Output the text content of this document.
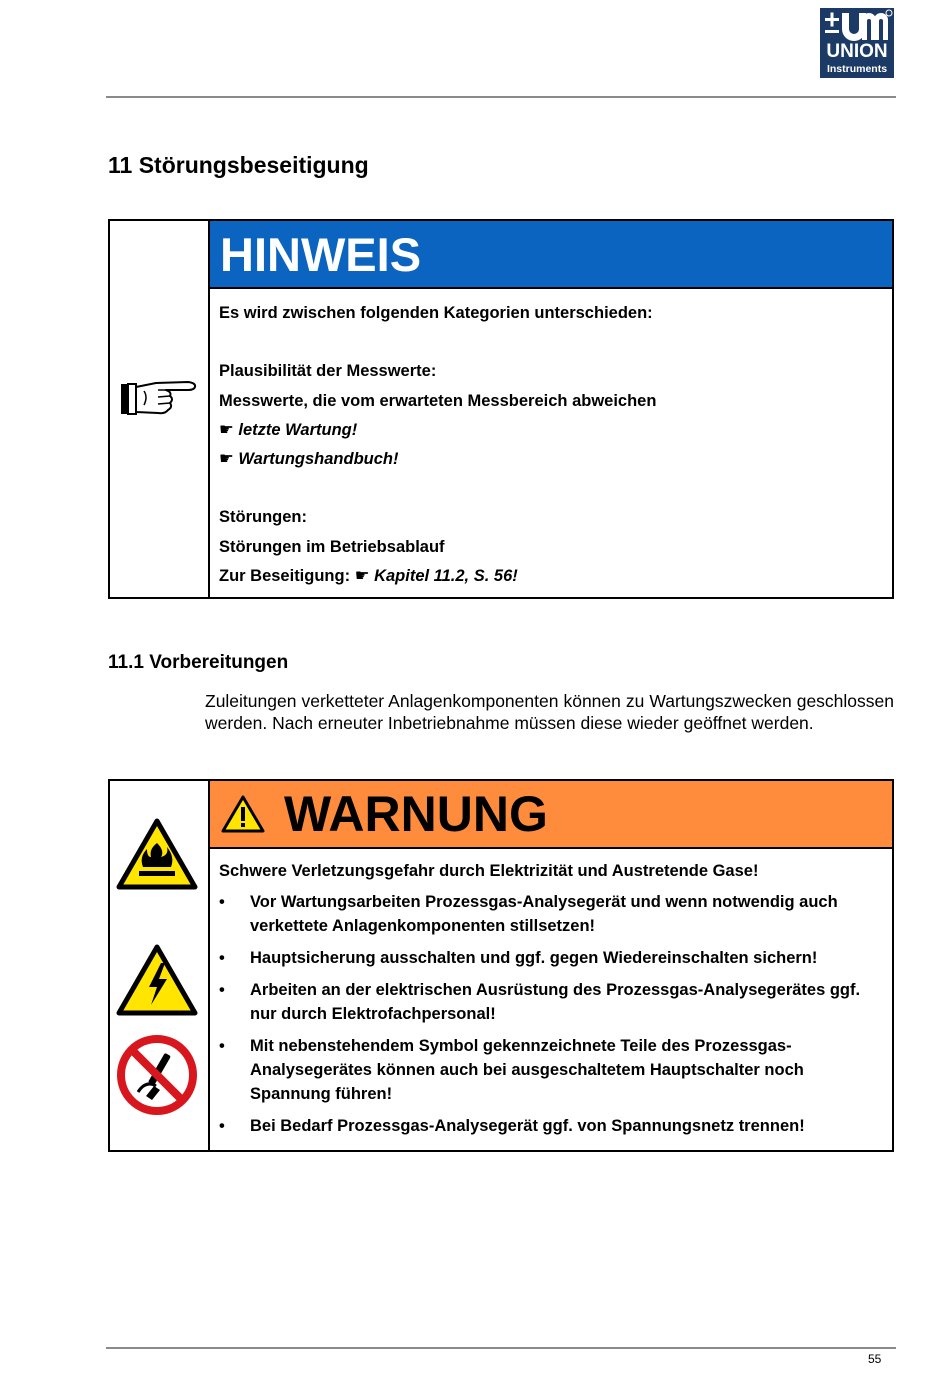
UNION
Instruments
11 Störungsbeseitigung
HINWEIS
Es wird zwischen folgenden Kategorien unterschieden:
Plausibilität der Messwerte:
Messwerte, die vom erwarteten Messbereich abweichen
☛ letzte Wartung!
☛ Wartungshandbuch!
Störungen:
Störungen im Betriebsablauf
Zur Beseitigung: ☛ Kapitel 11.2, S. 56!
11.1 Vorbereitungen
Zuleitungen verketteter Anlagenkomponenten können zu Wartungszwecken geschlossen werden. Nach erneuter Inbetriebnahme müssen diese wieder geöffnet werden.
WARNUNG
Schwere Verletzungsgefahr durch Elektrizität und Austretende Gase!
• Vor Wartungsarbeiten Prozessgas-Analysegerät und wenn notwendig auch verkettete Anlagenkomponenten stillsetzen!
• Hauptsicherung ausschalten und ggf. gegen Wiedereinschalten sichern!
• Arbeiten an der elektrischen Ausrüstung des Prozessgas-Analysegerätes ggf. nur durch Elektrofachpersonal!
• Mit nebenstehendem Symbol gekennzeichnete Teile des Prozessgas-Analysegerätes können auch bei ausgeschaltetem Hauptschalter noch Spannung führen!
• Bei Bedarf Prozessgas-Analysegerät ggf. von Spannungsnetz trennen!
55
